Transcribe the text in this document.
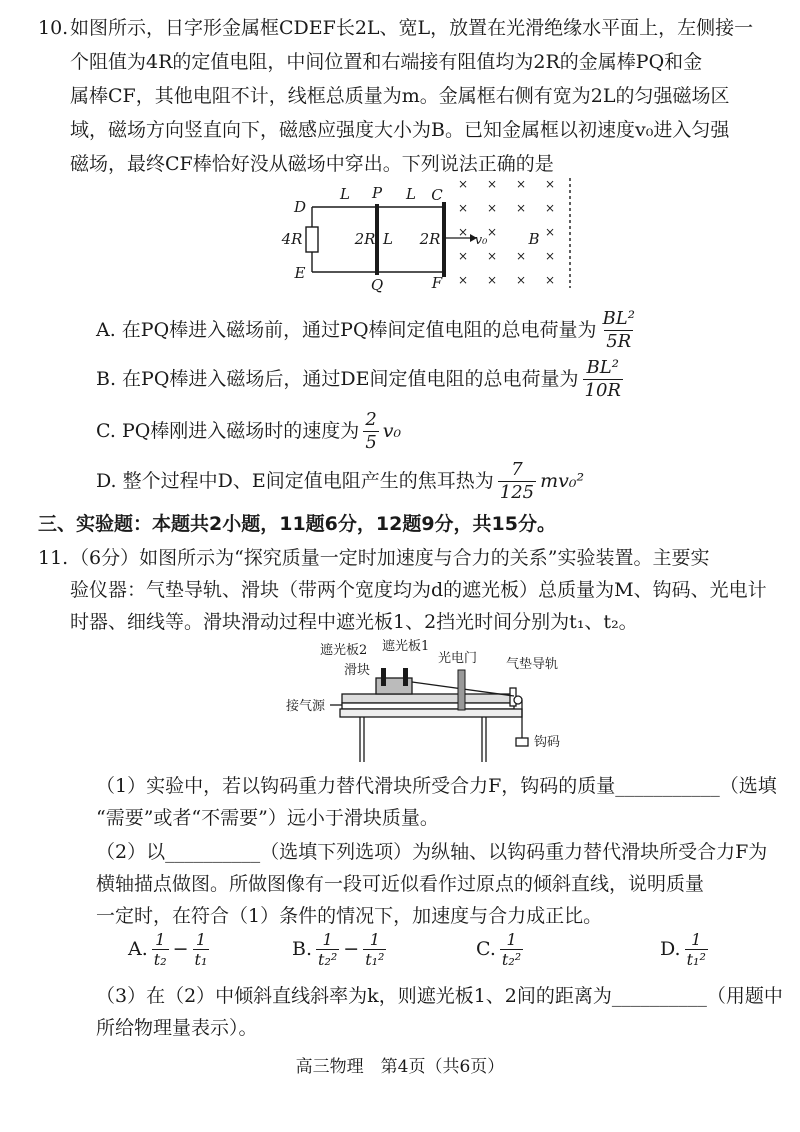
10. 如图所示，日字形金属框CDEF长2L、宽L，放置在光滑绝缘水平面上，左侧接一
个阻值为4R的定值电阻，中间位置和右端接有阻值均为2R的金属棒PQ和金
属棒CF，其他电阻不计，线框总质量为m。金属框右侧有宽为2L的匀强磁场区
域，磁场方向竖直向下，磁感应强度大小为B。已知金属框以初速度v₀进入匀强
磁场，最终CF棒恰好没从磁场中穿出。下列说法正确的是
× × × ×
× × × ×
× × × ×
× × × ×
× ×	×
D
E
P
Q
C
F
L	L
L
4R	2R	2R	v₀	B
A. 在PQ棒进入磁场前，通过PQ棒间定值电阻的总电荷量为 $\frac{\text{BL²}}{5R}$
B. 在PQ棒进入磁场后，通过DE间定值电阻的总电荷量为 $\frac{\text{BL²}}{10R}$
C. PQ棒刚进入磁场时的速度为 $\frac{2}{5} v_0$
D. 整个过程中D、E间定值电阻产生的焦耳热为 $\frac{7}{125} mv_0^2$
三、实验题：本题共2小题，11题6分，12题9分，共15分。
11. （6分）如图所示为“探究质量一定时加速度与合力的关系”实验装置。主要实
验仪器：气垫导轨、滑块（带两个宽度均为d的遮光板）总质量为M、钩码、光电计
时器、细线等。滑块滑动过程中遮光板1、2挡光时间分别为t₁、t₂。
遮光板2 遮光板1
滑块
光电门 气垫导轨
接气源
钩码
（1）实验中，若以钩码重力替代滑块所受合力F，钩码的质量___________（选填
“需要”或者“不需要”）远小于滑块质量。
（2）以__________（选填下列选项）为纵轴、以钩码重力替代滑块所受合力F为
横轴描点做图。所做图像有一段可近似看作过原点的倾斜直线，说明质量
一定时，在符合（1）条件的情况下，加速度与合力成正比。
A. $\frac{1}{\text{t₂}} - \frac{1}{\text{t₁}}$	B. $\frac{1}{\text{t₂²}} - \frac{1}{\text{t₁²}}$	C. $\frac{1}{\text{t₂²}}$	D. $\frac{1}{\text{t₁²}}$
（3）在（2）中倾斜直线斜率为k，则遮光板1、2间的距离为__________（用题中
所给物理量表示）。
高三物理　第4页（共6页）
